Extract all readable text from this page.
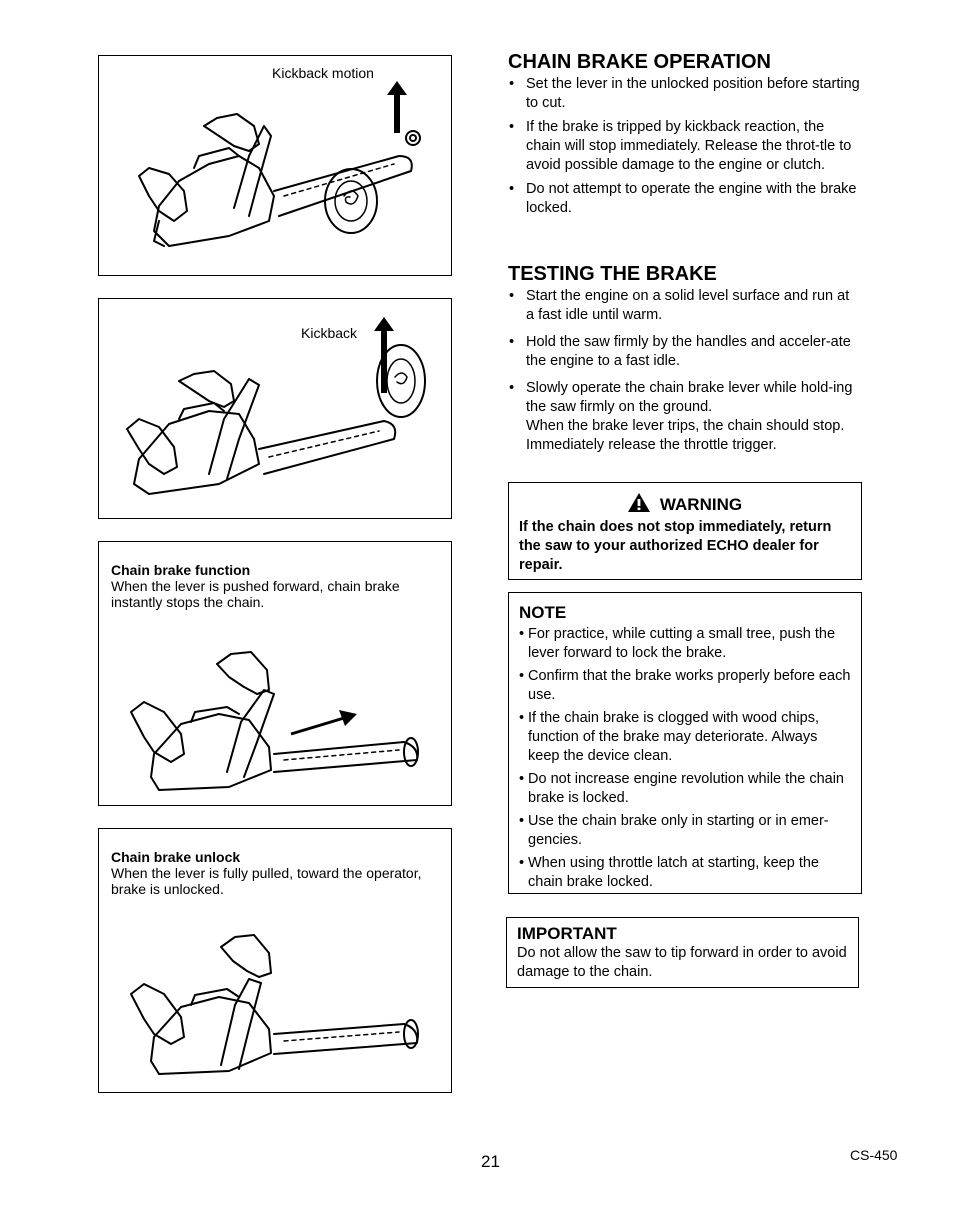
Kickback motion
Kickback
Chain brake function
When the lever is pushed forward, chain brake instantly stops the chain.
Chain brake unlock
When the lever is fully pulled, toward the operator, brake is unlocked.
CHAIN BRAKE OPERATION
• Set the lever in the unlocked position before starting to cut.
• If the brake is tripped by kickback reaction, the chain will stop immediately. Release the throt-tle to avoid possible damage to the engine or clutch.
• Do not attempt to operate the engine with the brake locked.
TESTING THE BRAKE
• Start the engine on a solid level surface and run at a fast idle until warm.
• Hold the saw firmly by the handles and acceler-ate the engine to a fast idle.
• Slowly operate the chain brake lever while hold-ing the saw firmly on the ground.
When the brake lever trips, the chain should stop.
Immediately release the throttle trigger.
WARNING
If the chain does not stop immediately, return the saw to your authorized ECHO dealer for repair.
NOTE
• For practice, while cutting a small tree, push the lever forward to lock the brake.
• Confirm that the brake works properly before each use.
• If the chain brake is clogged with wood chips, function of the brake may deteriorate. Always keep the device clean.
• Do not increase engine revolution while the chain brake is locked.
• Use the chain brake only in starting or in emer-gencies.
• When using throttle latch at starting, keep the chain brake locked.
IMPORTANT
Do not allow the saw to tip forward in order to avoid damage to the chain.
21	CS-450
